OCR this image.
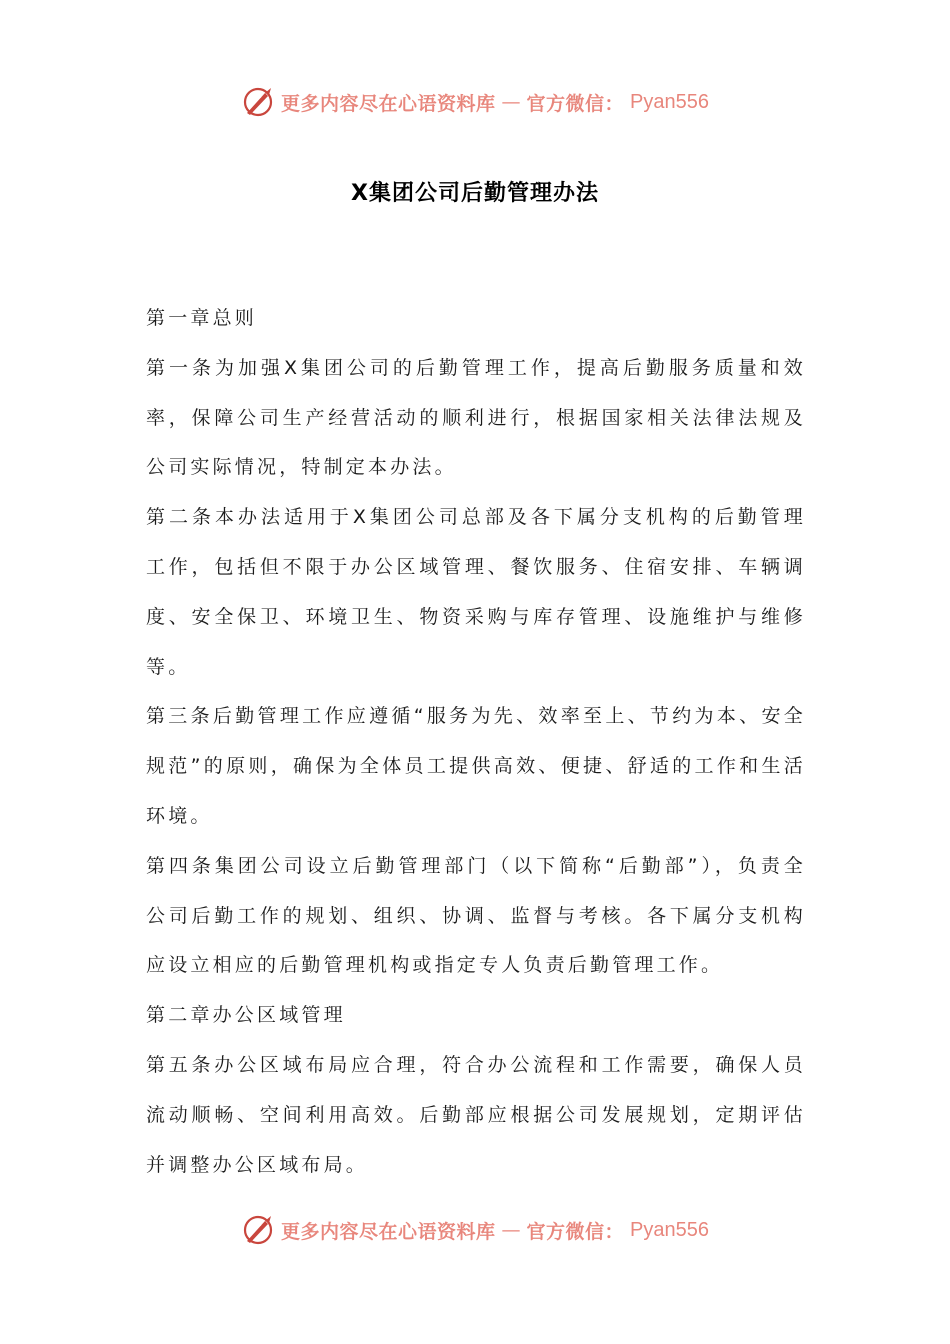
更多内容尽在心语资料库 — 官方微信： Pyan556
X集团公司后勤管理办法

第一章总则

第一条为加强X集团公司的后勤管理工作，提高后勤服务质量和效率，保障公司生产经营活动的顺利进行，根据国家相关法律法规及公司实际情况，特制定本办法。

第二条本办法适用于X集团公司总部及各下属分支机构的后勤管理工作，包括但不限于办公区域管理、餐饮服务、住宿安排、车辆调度、安全保卫、环境卫生、物资采购与库存管理、设施维护与维修等。

第三条后勤管理工作应遵循“服务为先、效率至上、节约为本、安全规范”的原则，确保为全体员工提供高效、便捷、舒适的工作和生活环境。

第四条集团公司设立后勤管理部门（以下简称“后勤部”），负责全公司后勤工作的规划、组织、协调、监督与考核。各下属分支机构应设立相应的后勤管理机构或指定专人负责后勤管理工作。

第二章办公区域管理

第五条办公区域布局应合理，符合办公流程和工作需要，确保人员流动顺畅、空间利用高效。后勤部应根据公司发展规划，定期评估并调整办公区域布局。

更多内容尽在心语资料库 — 官方微信： Pyan556
